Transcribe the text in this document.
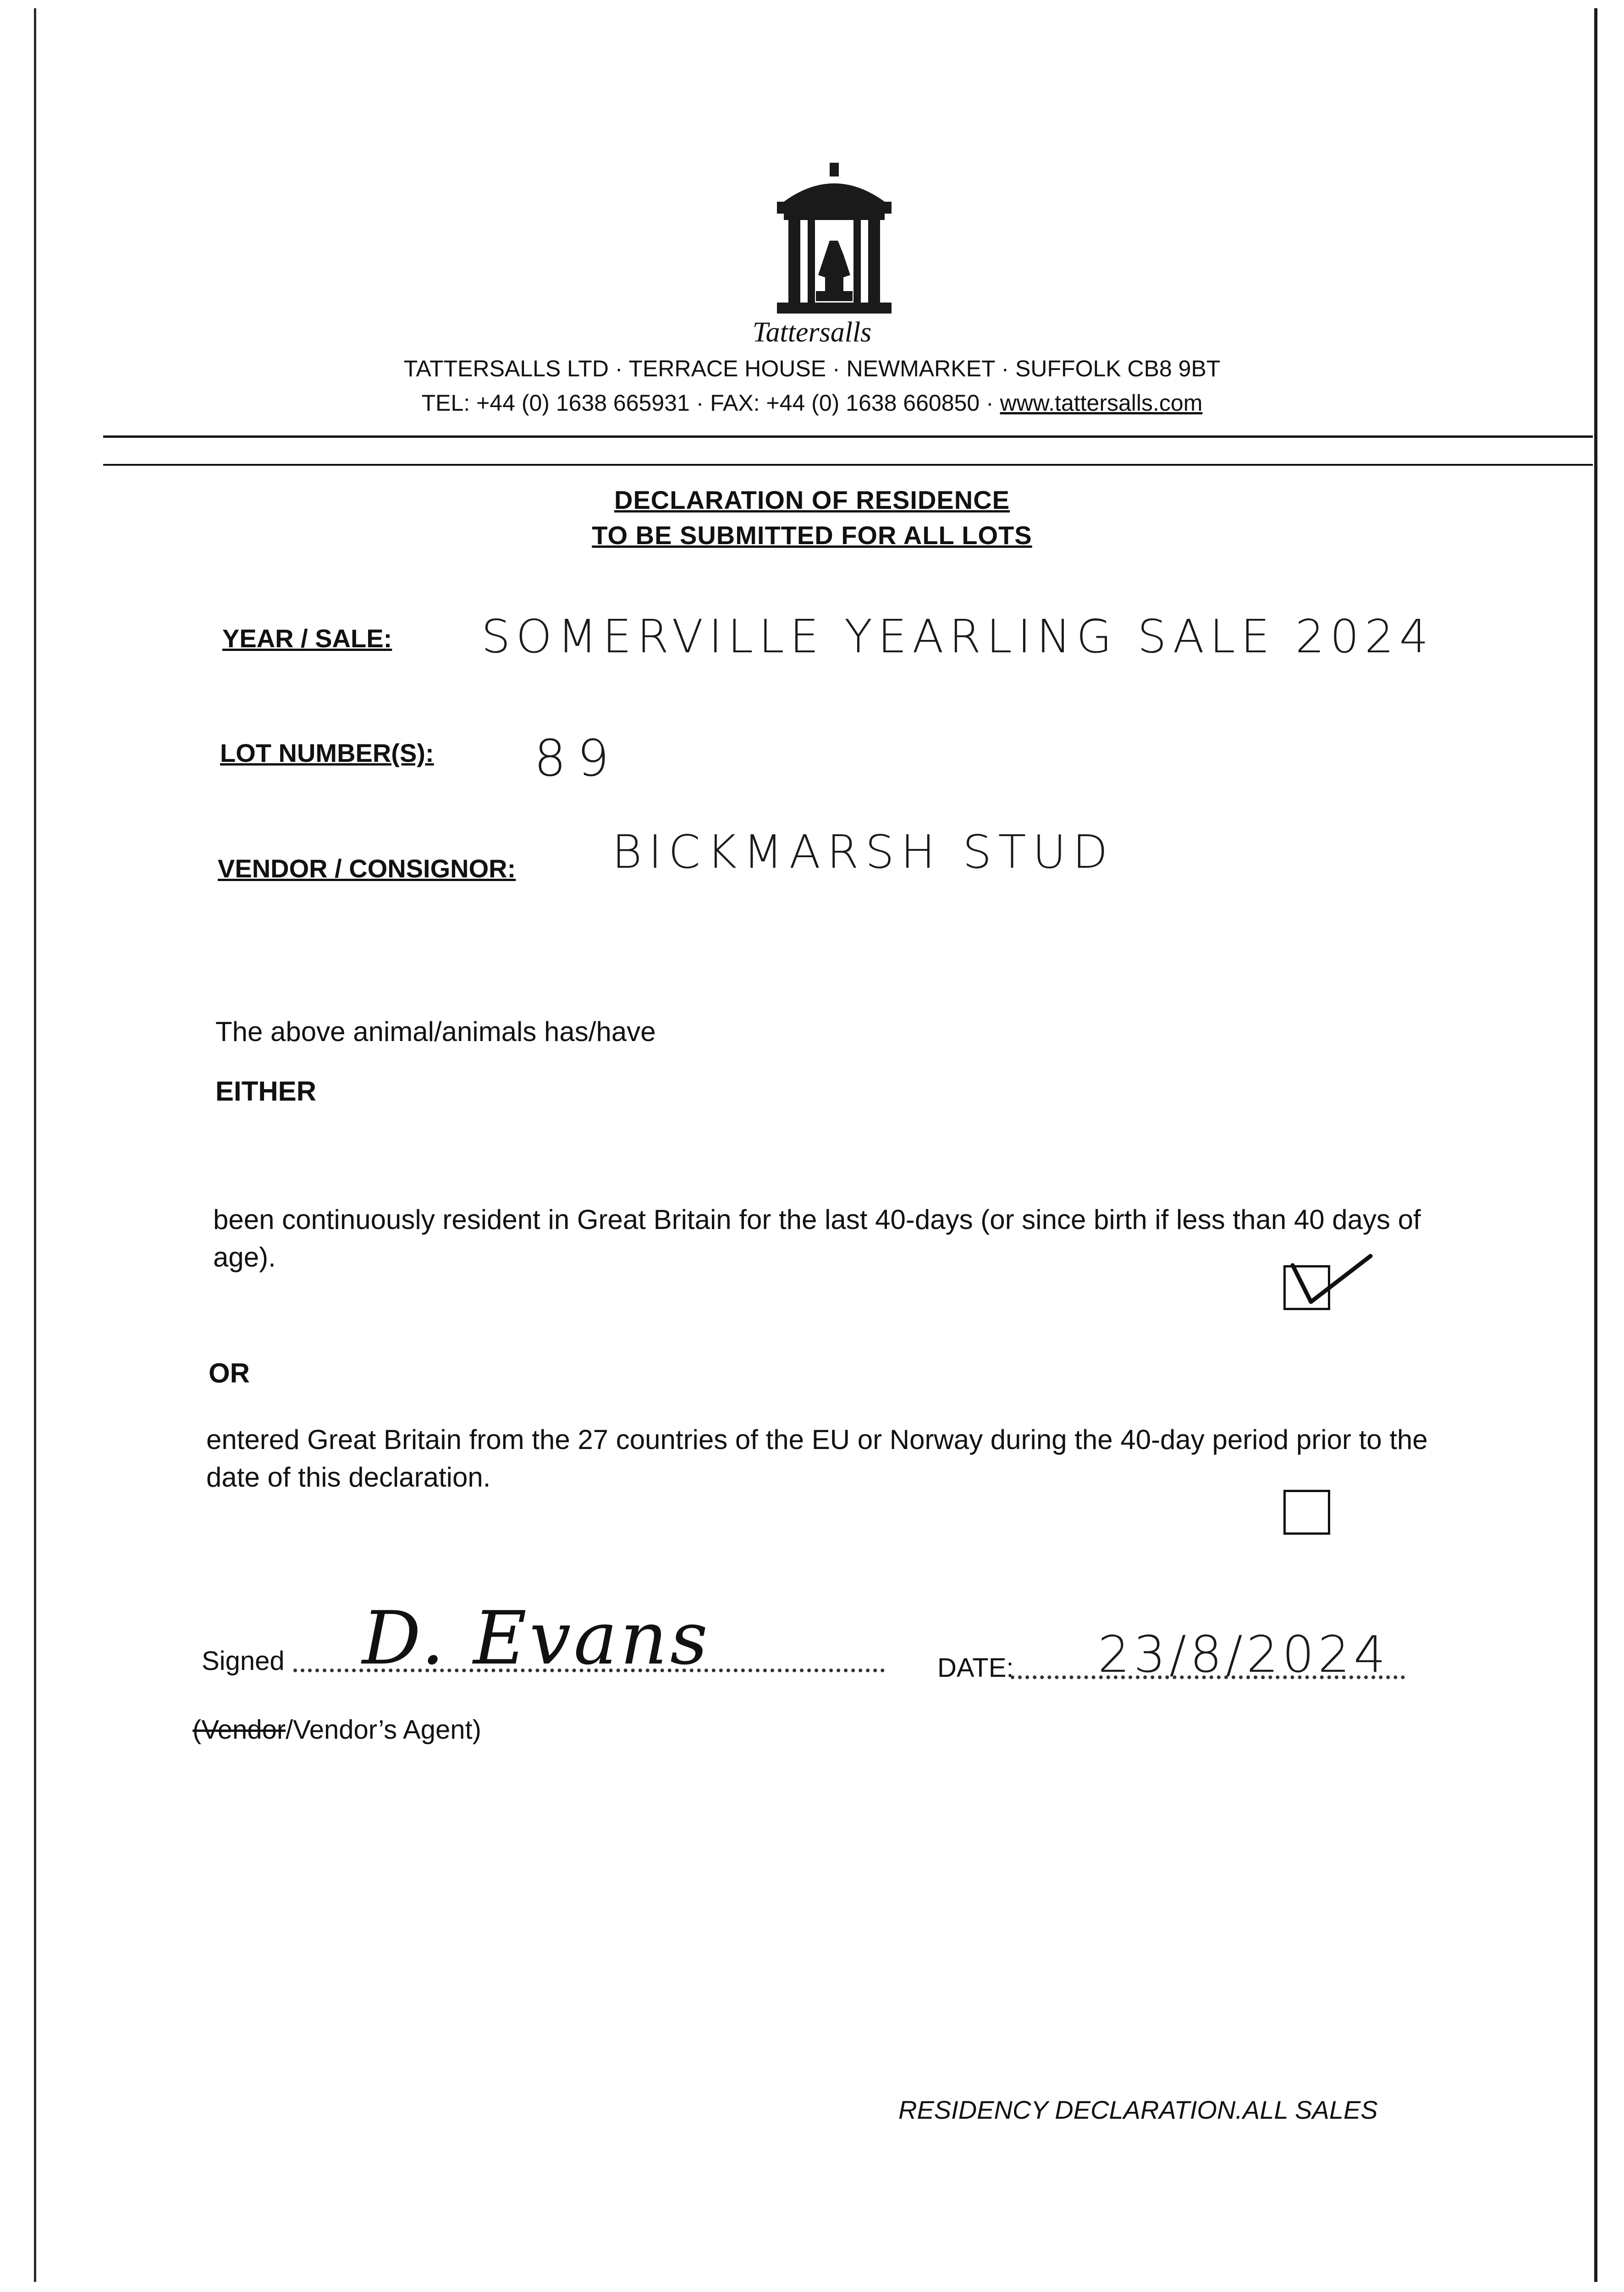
Tattersalls
TATTERSALLS LTD · TERRACE HOUSE · NEWMARKET · SUFFOLK CB8 9BT
TEL: +44 (0) 1638 665931 · FAX: +44 (0) 1638 660850 · www.tattersalls.com
DECLARATION OF RESIDENCE
TO BE SUBMITTED FOR ALL LOTS
YEAR / SALE: SOMERVILLE YEARLING SALE 2024
LOT NUMBER(S): 89
VENDOR / CONSIGNOR: BICKMARSH STUD
The above animal/animals has/have
EITHER
been continuously resident in Great Britain for the last 40-days (or since birth if less than 40 days of age).
OR
entered Great Britain from the 27 countries of the EU or Norway during the 40-day period prior to the date of this declaration.
Signed D. Evans	DATE: 23/8/2024
(Vendor/Vendor’s Agent)
RESIDENCY DECLARATION.ALL SALES
